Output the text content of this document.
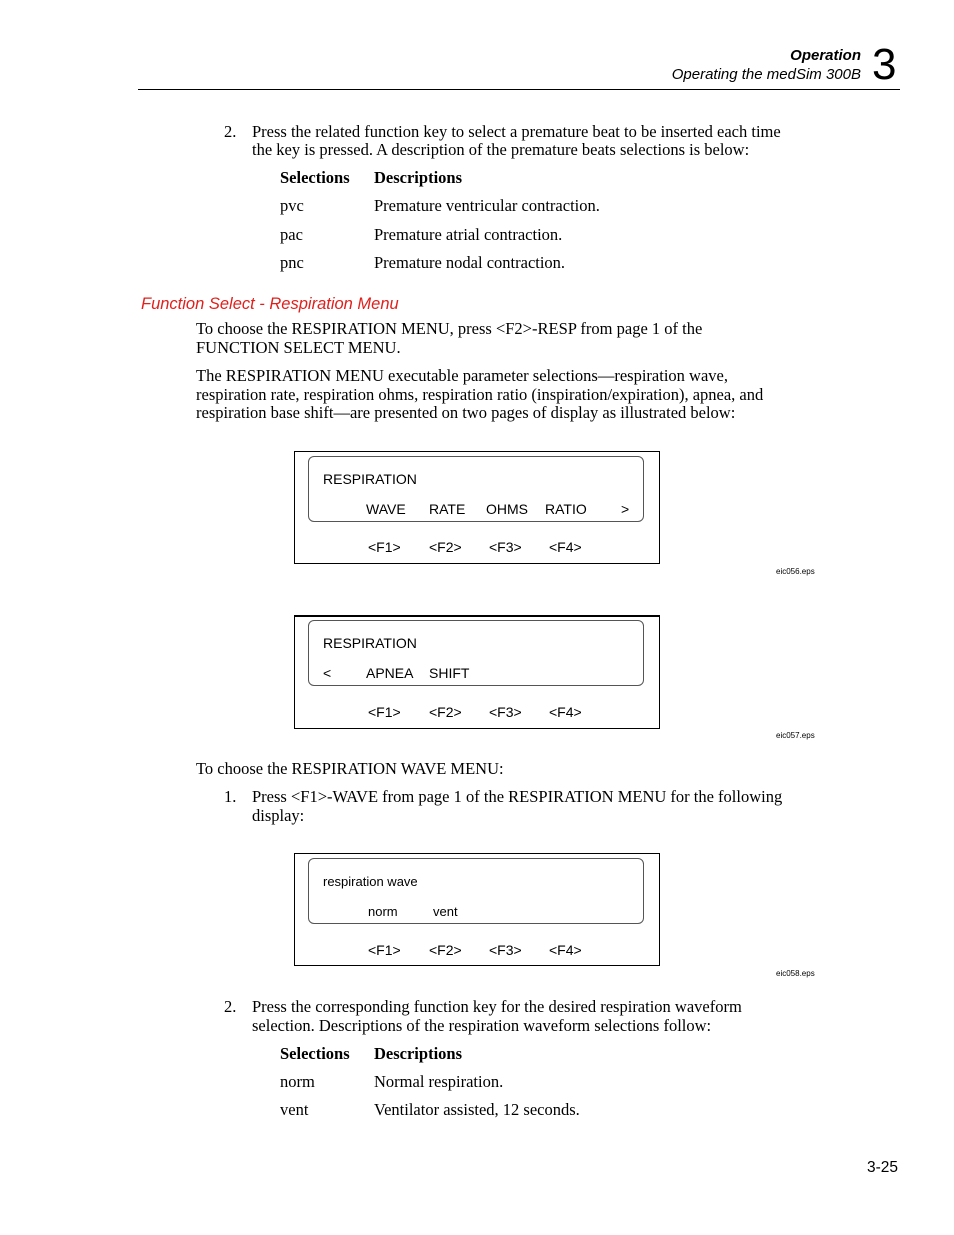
Operation
Operating the medSim 300B 3
2. Press the related function key to select a premature beat to be inserted each time
the key is pressed. A description of the premature beats selections is below:
Selections Descriptions
pvc	Premature ventricular contraction.
pac	Premature atrial contraction.
pnc	Premature nodal contraction.
Function Select - Respiration Menu
To choose the RESPIRATION MENU, press <F2>-RESP from page 1 of the
FUNCTION SELECT MENU.
The RESPIRATION MENU executable parameter selections—respiration wave,
respiration rate, respiration ohms, respiration ratio (inspiration/expiration), apnea, and
respiration base shift—are presented on two pages of display as illustrated below:
RESPIRATION
WAVE RATE OHMS RATIO >
<F1> <F2> <F3> <F4>
eic056.eps
RESPIRATION
< APNEA SHIFT
<F1> <F2> <F3> <F4>
eic057.eps
To choose the RESPIRATION WAVE MENU:
1. Press <F1>-WAVE from page 1 of the RESPIRATION MENU for the following
display:
respiration wave
norm	vent
<F1> <F2> <F3> <F4>
eic058.eps
2. Press the corresponding function key for the desired respiration waveform
selection. Descriptions of the respiration waveform selections follow:
Selections Descriptions
norm	Normal respiration.
vent	Ventilator assisted, 12 seconds.
3-25
